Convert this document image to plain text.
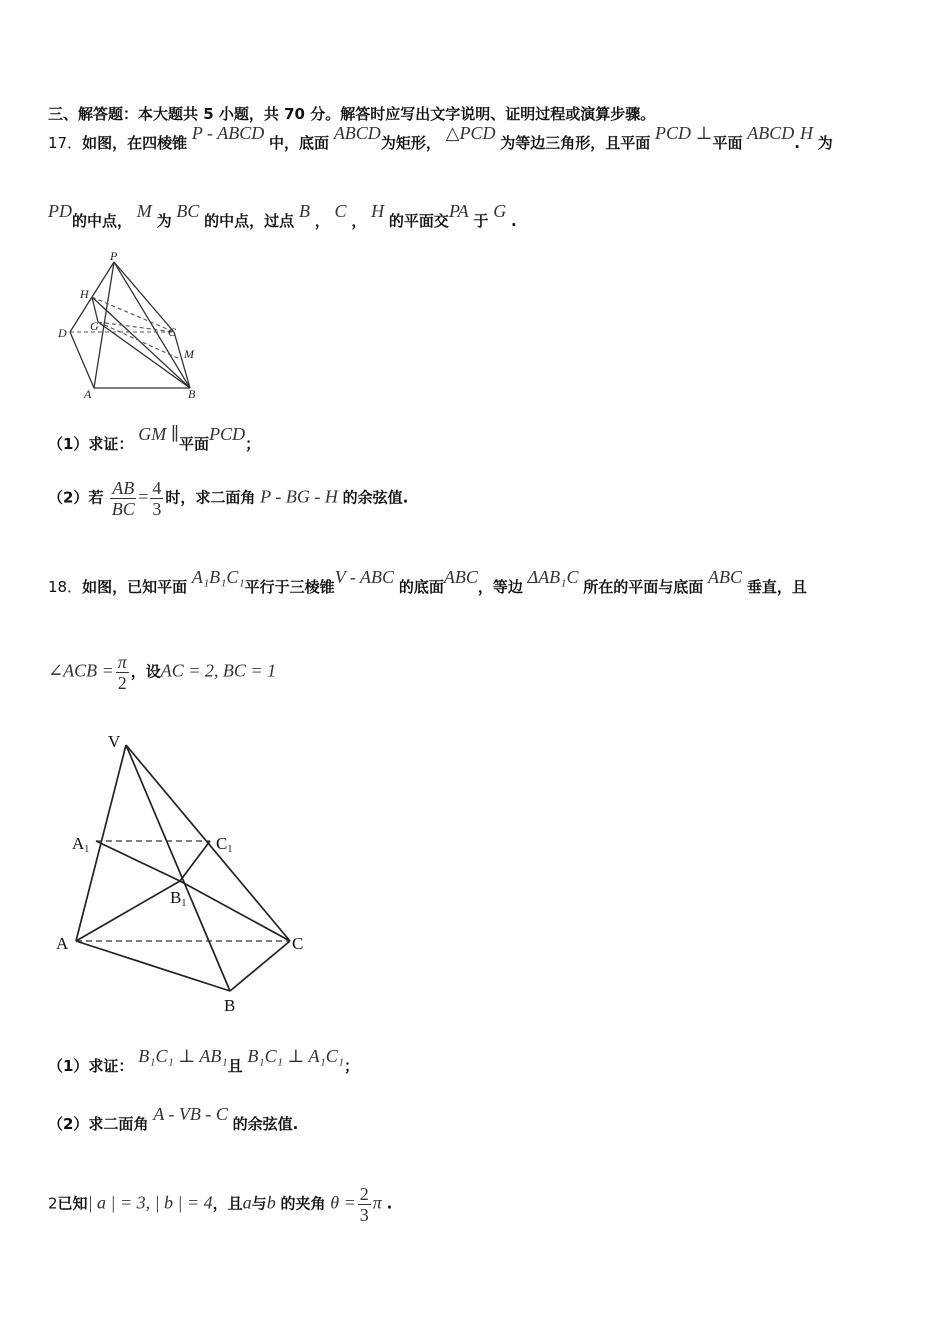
三、解答题：本大题共 5 小题，共 70 分。解答时应写出文字说明、证明过程或演算步骤。
17．如图，在四棱锥 P - ABCD 中，底面 ABCD为矩形， △PCD 为等边三角形，且平面 PCD ⊥平面 ABCD.H 为
PD的中点， M 为 BC 的中点，过点 B ， C ， H 的平面交PA 于 G .
P
H
G	C
D
M
A	B
（1）求证： GM ∥平面PCD；
（2）若 $\frac{AB}{BC} = \frac{4}{3}$ 时，求二面角 P - BG - H 的余弦值.
18．如图，已知平面 A₁B₁C₁平行于三棱锥V - ABC 的底面ABC，等边 ΔAB₁C 所在的平面与底面 ABC 垂直，且
∠ACB = $\frac{\pi}{2}$ ，设AC = 2, BC = 1
V
A1	C1
B1
A	C
B
（1）求证： B₁C₁ ⊥ AB₁且 B₁C₁ ⊥ A₁C₁；
（2）求二面角 A - VB - C 的余弦值.
2已知| a | = 3, | b | = 4，且a与b 的夹角 $\theta = \frac{2}{3}$ π .
